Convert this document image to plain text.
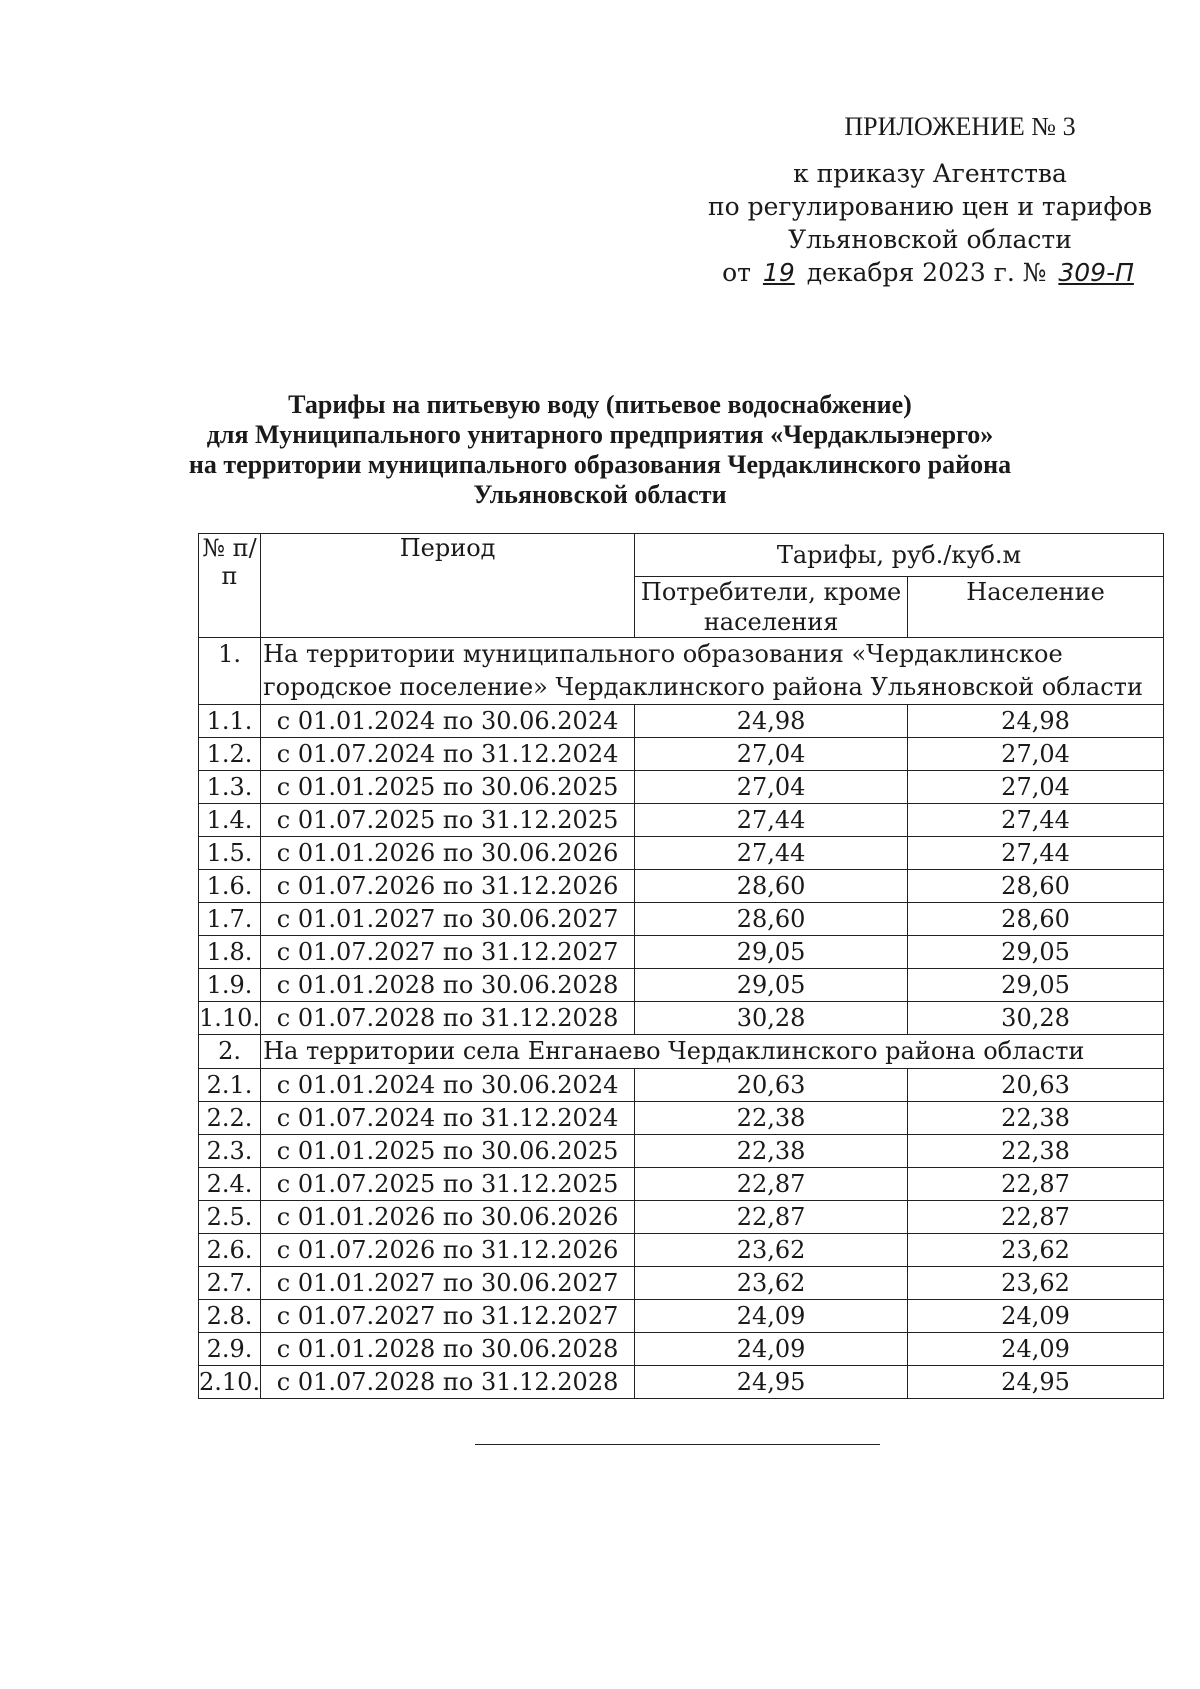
ПРИЛОЖЕНИЕ № 3
к приказу Агентства
по регулированию цен и тарифов
Ульяновской области
от 19 декабря 2023 г. № 309-П
Тарифы на питьевую воду (питьевое водоснабжение)
для Муниципального унитарного предприятия «Чердаклыэнерго»
на территории муниципального образования Чердаклинского района
Ульяновской области
№ п/п	Период	Тарифы, руб./куб.м	
		Потребители, кроме населения	Население
1.	На территории муниципального образования «Чердаклинское городское поселение» Чердаклинского района Ульяновской области		
1.1.	с 01.01.2024 по 30.06.2024	24,98	24,98
1.2.	с 01.07.2024 по 31.12.2024	27,04	27,04
1.3.	с 01.01.2025 по 30.06.2025	27,04	27,04
1.4.	с 01.07.2025 по 31.12.2025	27,44	27,44
1.5.	с 01.01.2026 по 30.06.2026	27,44	27,44
1.6.	с 01.07.2026 по 31.12.2026	28,60	28,60
1.7.	с 01.01.2027 по 30.06.2027	28,60	28,60
1.8.	с 01.07.2027 по 31.12.2027	29,05	29,05
1.9.	с 01.01.2028 по 30.06.2028	29,05	29,05
1.10.	с 01.07.2028 по 31.12.2028	30,28	30,28
2.	На территории села Енганаево Чердаклинского района области		
2.1.	с 01.01.2024 по 30.06.2024	20,63	20,63
2.2.	с 01.07.2024 по 31.12.2024	22,38	22,38
2.3.	с 01.01.2025 по 30.06.2025	22,38	22,38
2.4.	с 01.07.2025 по 31.12.2025	22,87	22,87
2.5.	с 01.01.2026 по 30.06.2026	22,87	22,87
2.6.	с 01.07.2026 по 31.12.2026	23,62	23,62
2.7.	с 01.01.2027 по 30.06.2027	23,62	23,62
2.8.	с 01.07.2027 по 31.12.2027	24,09	24,09
2.9.	с 01.01.2028 по 30.06.2028	24,09	24,09
2.10.	с 01.07.2028 по 31.12.2028	24,95	24,95
